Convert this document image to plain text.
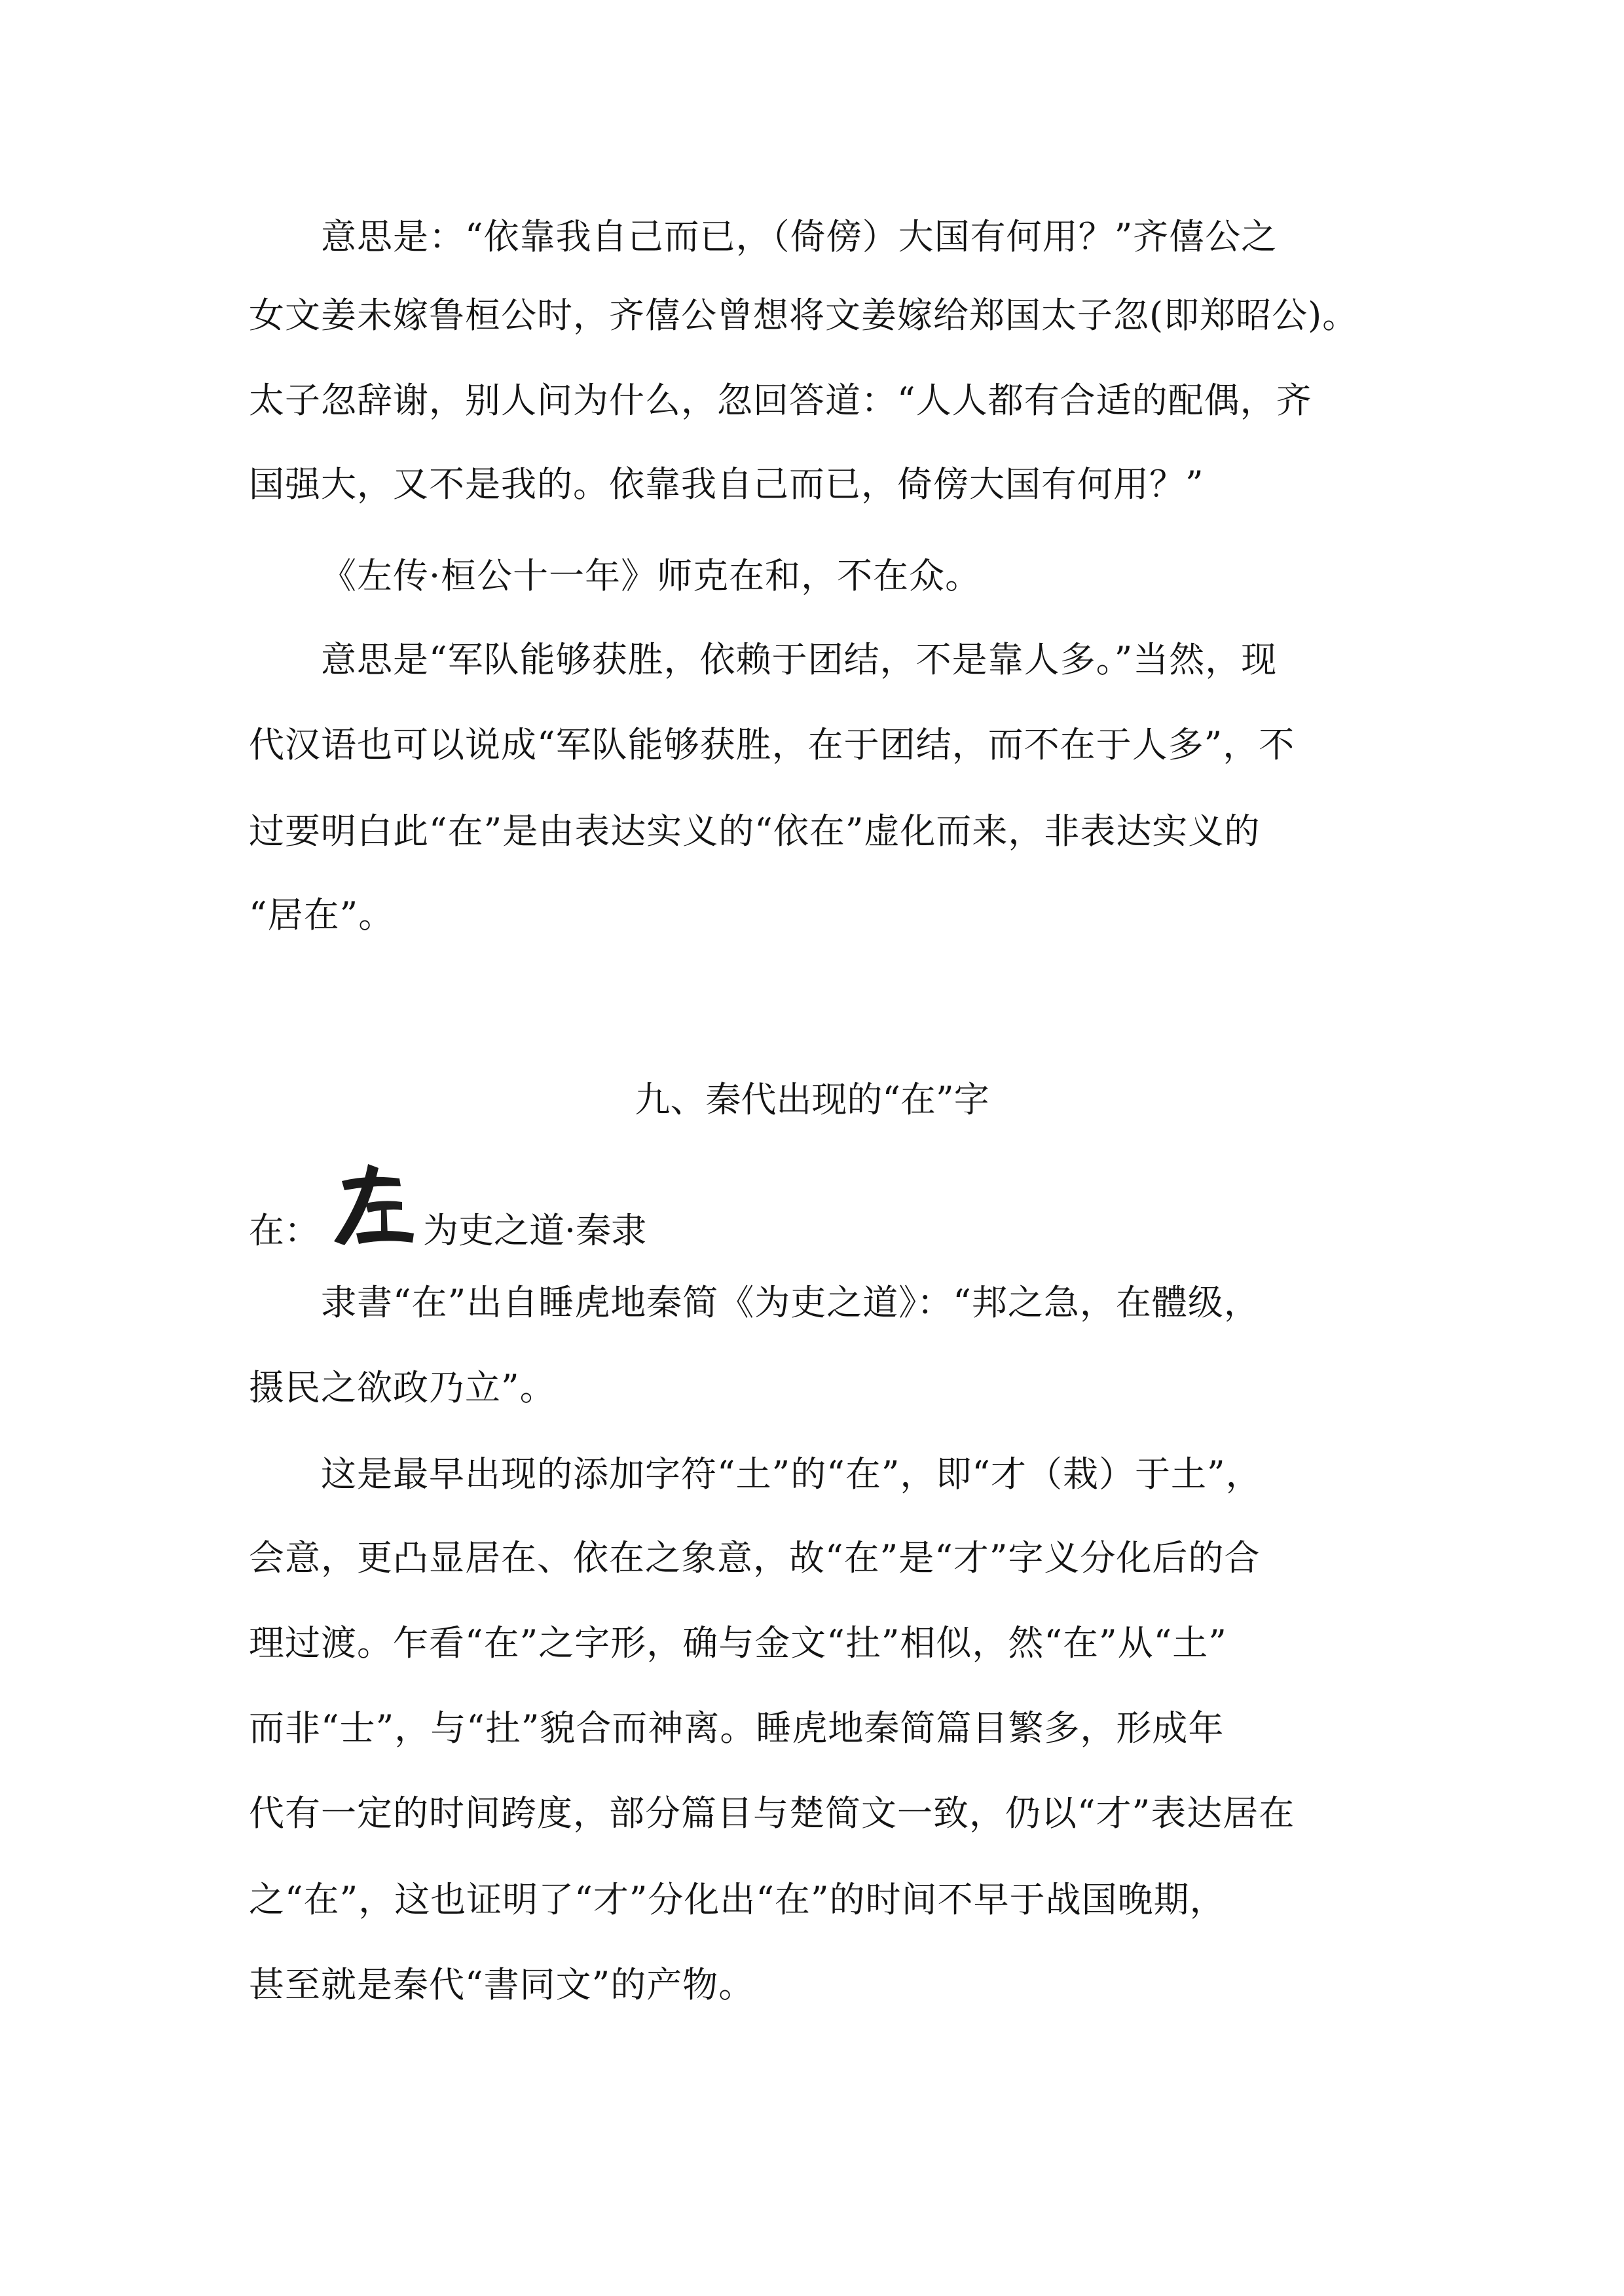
意思是：“依靠我自己而已，（倚傍）大国有何用？”齐僖公之
女文姜未嫁鲁桓公时，齐僖公曾想将文姜嫁给郑国太子忽(即郑昭公)。
太子忽辞谢，别人问为什么，忽回答道：“人人都有合适的配偶，齐
国强大，又不是我的。依靠我自己而已，倚傍大国有何用？”
《左传·桓公十一年》师克在和，不在众。
意思是“军队能够获胜，依赖于团结，不是靠人多。”当然，现
代汉语也可以说成“军队能够获胜，在于团结，而不在于人多”，不
过要明白此“在”是由表达实义的“依在”虚化而来，非表达实义的
“居在”。
九、秦代出现的“在”字
在：	为吏之道·秦隶
隶書“在”出自睡虎地秦简《为吏之道》：“邦之急，在體级，
摄民之欲政乃立”。
这是最早出现的添加字符“土”的“在”，即“才（栽）于土”，
会意，更凸显居在、依在之象意，故“在”是“才”字义分化后的合
理过渡。乍看“在”之字形，确与金文“扗”相似，然“在”从“土”
而非“士”，与“扗”貌合而神离。睡虎地秦简篇目繁多，形成年
代有一定的时间跨度，部分篇目与楚简文一致，仍以“才”表达居在
之“在”，这也证明了“才”分化出“在”的时间不早于战国晚期，
甚至就是秦代“書同文”的产物。
